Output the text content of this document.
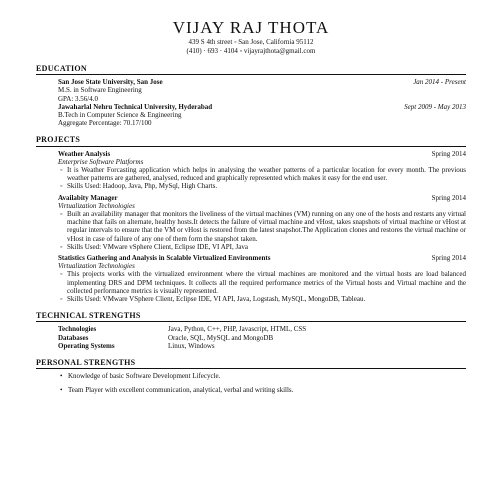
VIJAY RAJ THOTA
439 S 4th street ◦ San Jose, California 95112
(410) · 693 · 4104 ◦ vijayrajthota@gmail.com
EDUCATION
San Jose State University, San Jose	Jan 2014 - Present
M.S. in Software Engineering
GPA: 3.56/4.0
Jawaharlal Nehru Technical University, Hyderabad	Sept 2009 - May 2013
B.Tech in Computer Science & Engineering
Aggregate Percentage: 70.17/100
PROJECTS
Weather Analysis	Spring 2014
Enterprise Software Platforms
◦ It is Weather Forcasting application which helps in analysing the weather patterns of a particular location for every month. The previous weather patterns are gathered, analysed, reduced and graphically represented which makes it easy for the end user.
◦ Skills Used: Hadoop, Java, Php, MySql, High Charts.
Availabity Manager	Spring 2014
Virtualization Technologies
◦ Built an availability manager that monitors the liveliness of the virtual machines (VM) running on any one of the hosts and restarts any virtual machine that fails on alternate, healthy hosts.It detects the failure of virtual machine and vHost, takes snapshots of virtual machine or vHost at regular intervals to ensure that the VM or vHost is restored from the latest snapshot.The Application clones and restores the virtual machine or vHost in case of failure of any one of them form the snapshot taken.
◦ Skills Used: VMware vSphere Client, Eclipse IDE, VI API, Java
Statistics Gathering and Analysis in Scalable Virtualized Environments	Spring 2014
Virtualization Technologies
◦ This projects works with the virtualized environment where the virtual machines are monitored and the virtual hosts are load balanced implementing DRS and DPM techniques. It collects all the required performance metrics of the Virtual hosts and Virtual machine and the collected performance metrics is visually represented.
◦ Skills Used: VMware VSphere Client, Eclipse IDE, VI API, Java, Logstash, MySQL, MongoDB, Tableau.
TECHNICAL STRENGTHS
Technologies	Java, Python, C++, PHP, Javascript, HTML, CSS
Databases	Oracle, SQL, MySQL and MongoDB
Operating Systems	Linux, Windows
PERSONAL STRENGTHS
• Knowledge of basic Software Development Lifecycle.
• Team Player with excellent communication, analytical, verbal and writing skills.
